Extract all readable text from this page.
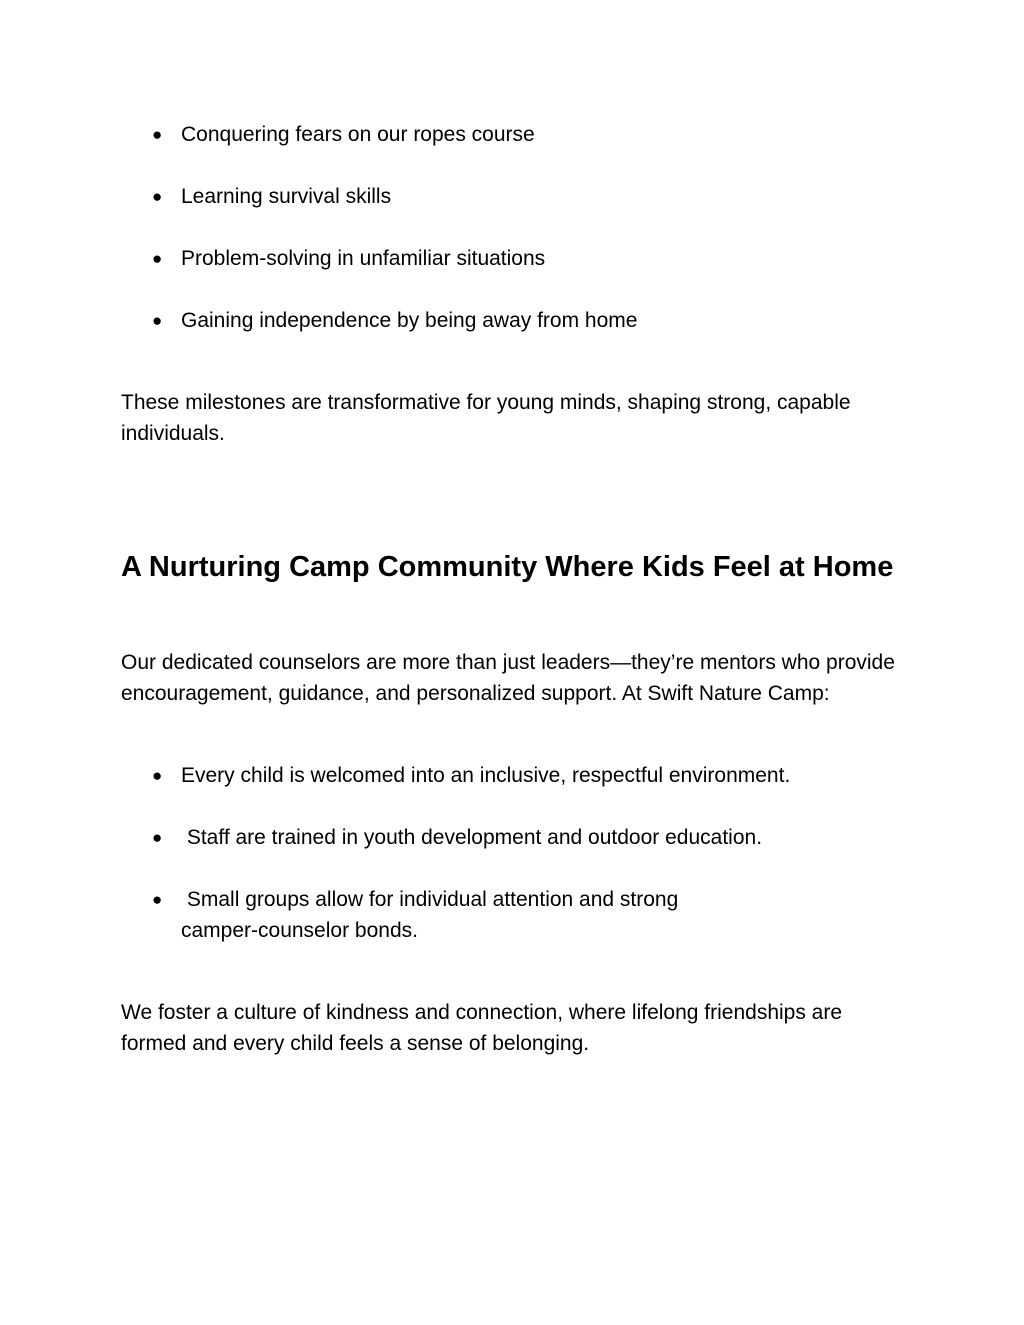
● Conquering fears on our ropes course
● Learning survival skills
● Problem-solving in unfamiliar situations
● Gaining independence by being away from home

These milestones are transformative for young minds, shaping strong, capable individuals.

A Nurturing Camp Community Where Kids Feel at Home

Our dedicated counselors are more than just leaders—they’re mentors who provide encouragement, guidance, and personalized support. At Swift Nature Camp:

● Every child is welcomed into an inclusive, respectful environment.
● Staff are trained in youth development and outdoor education.
● Small groups allow for individual attention and strong camper-counselor bonds.

We foster a culture of kindness and connection, where lifelong friendships are formed and every child feels a sense of belonging.
